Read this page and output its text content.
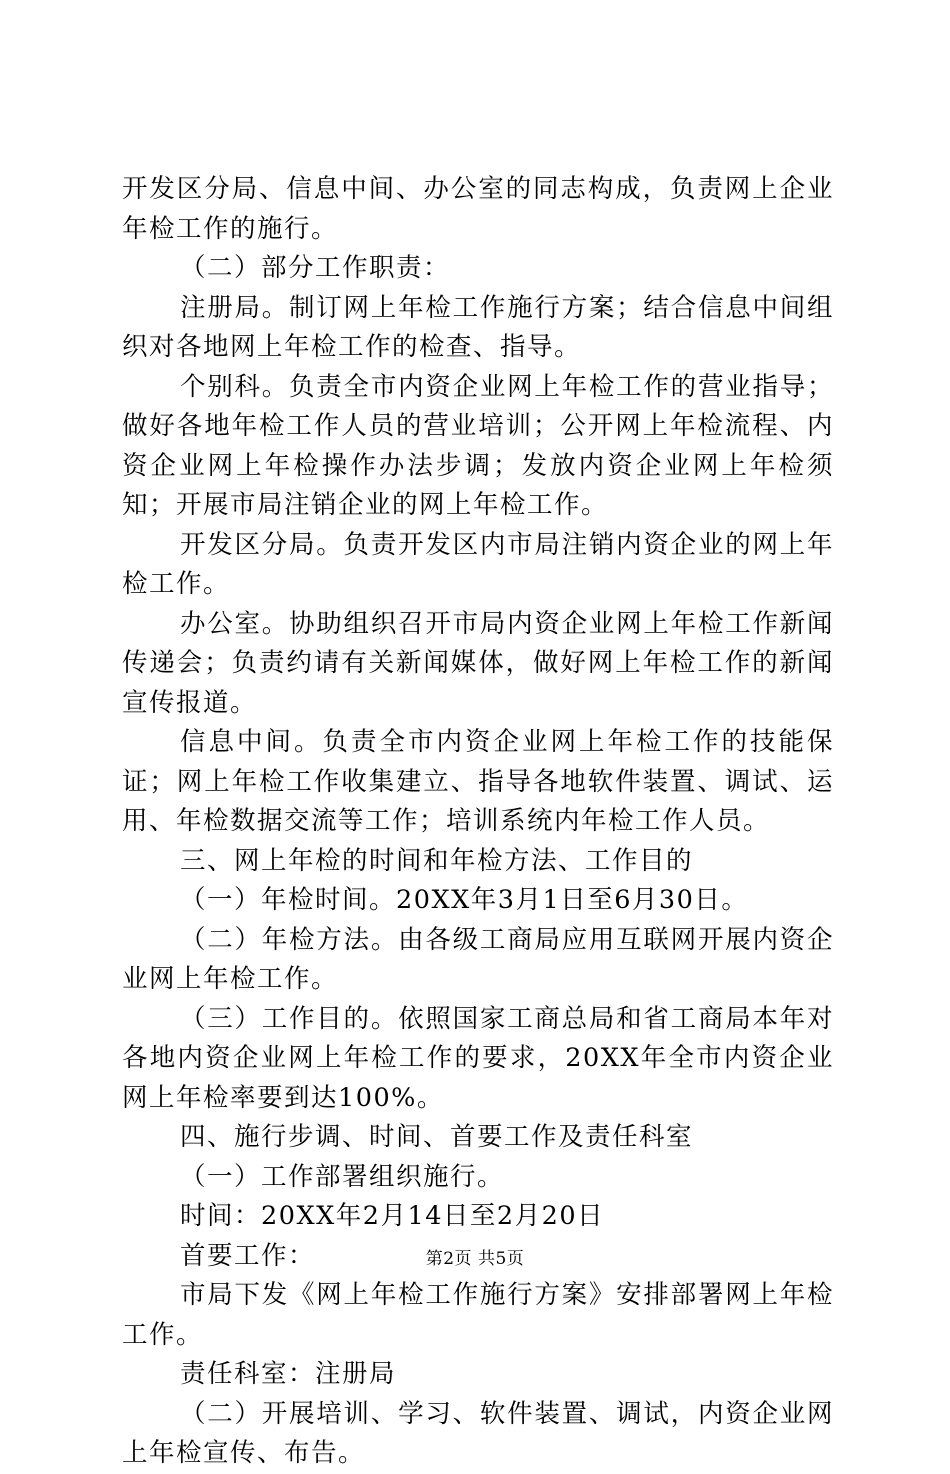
开发区分局、信息中间、办公室的同志构成，负责网上企业年检工作的施行。

（二）部分工作职责：

注册局。制订网上年检工作施行方案；结合信息中间组织对各地网上年检工作的检查、指导。

个别科。负责全市内资企业网上年检工作的营业指导；做好各地年检工作人员的营业培训；公开网上年检流程、内资企业网上年检操作办法步调；发放内资企业网上年检须知；开展市局注销企业的网上年检工作。

开发区分局。负责开发区内市局注销内资企业的网上年检工作。

办公室。协助组织召开市局内资企业网上年检工作新闻传递会；负责约请有关新闻媒体，做好网上年检工作的新闻宣传报道。

信息中间。负责全市内资企业网上年检工作的技能保证；网上年检工作收集建立、指导各地软件装置、调试、运用、年检数据交流等工作；培训系统内年检工作人员。

三、网上年检的时间和年检方法、工作目的

（一）年检时间。20XX年3月1日至6月30日。

（二）年检方法。由各级工商局应用互联网开展内资企业网上年检工作。

（三）工作目的。依照国家工商总局和省工商局本年对各地内资企业网上年检工作的要求，20XX年全市内资企业网上年检率要到达100%。

四、施行步调、时间、首要工作及责任科室

（一）工作部署组织施行。

时间：20XX年2月14日至2月20日

首要工作：

市局下发《网上年检工作施行方案》安排部署网上年检工作。

责任科室：注册局

（二）开展培训、学习、软件装置、调试，内资企业网上年检宣传、布告。

第2页 共5页
